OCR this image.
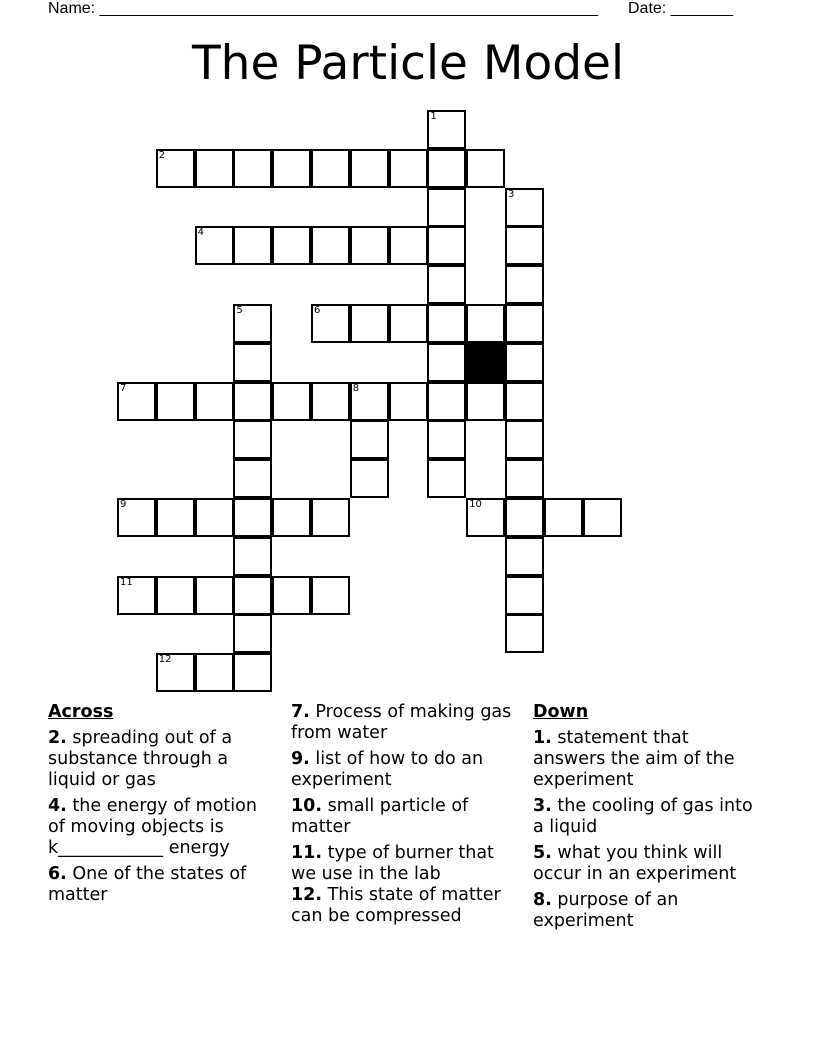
Name: ________________________________________________________ Date: _______
The Particle Model
1
2
3
4
5	6
7	8
9	10
11
12
Across
2. spreading out of a substance through a liquid or gas
4. the energy of motion of moving objects is k____________ energy
6. One of the states of matter
7. Process of making gas from water
9. list of how to do an experiment
10. small particle of matter
11. type of burner that we use in the lab
12. This state of matter can be compressed
Down
1. statement that answers the aim of the experiment
3. the cooling of gas into a liquid
5. what you think will occur in an experiment
8. purpose of an experiment
